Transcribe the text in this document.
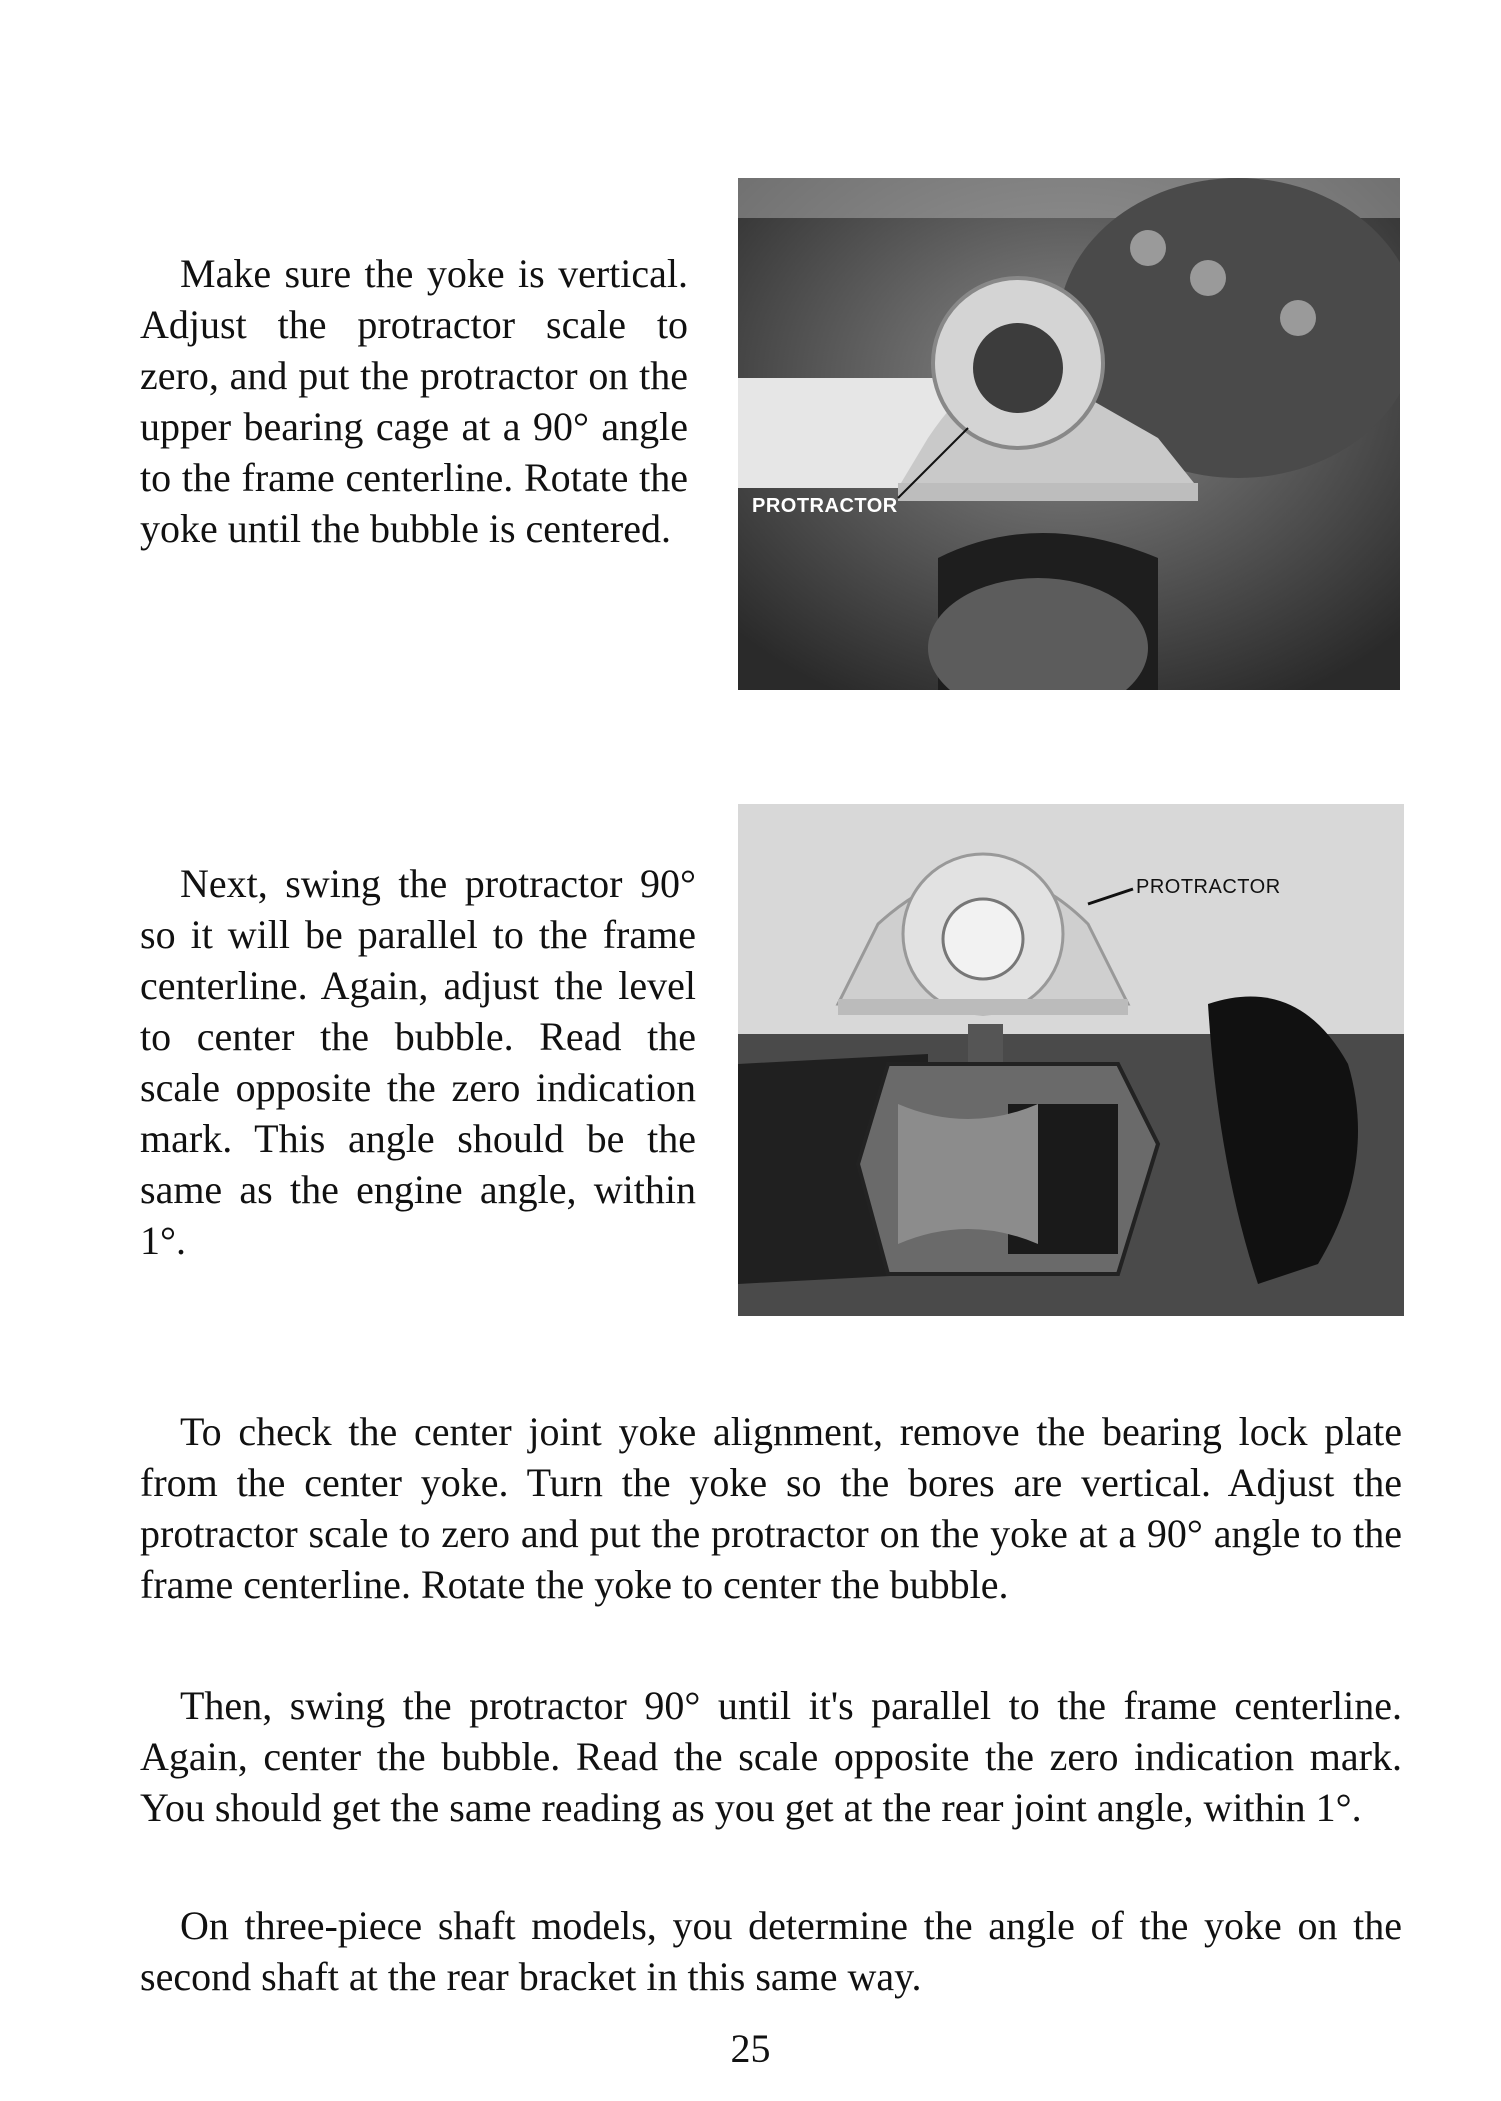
Make sure the yoke is vertical. Adjust the protractor scale to zero, and put the protractor on the upper bearing cage at a 90° angle to the frame centerline. Rotate the yoke until the bubble is centered.	PROTRACTOR

Next, swing the protractor 90° so it will be parallel to the frame centerline. Again, adjust the level to center the bubble. Read the scale opposite the zero indication mark. This angle should be the same as the engine angle, within 1°.

PROTRACTOR

To check the center joint yoke alignment, remove the bearing lock plate from the center yoke. Turn the yoke so the bores are vertical. Adjust the protractor scale to zero and put the protractor on the yoke at a 90° angle to the frame centerline. Rotate the yoke to center the bubble.

Then, swing the protractor 90° until it's parallel to the frame centerline. Again, center the bubble. Read the scale opposite the zero indication mark. You should get the same reading as you get at the rear joint angle, within 1°.

On three-piece shaft models, you determine the angle of the yoke on the second shaft at the rear bracket in this same way.

25
